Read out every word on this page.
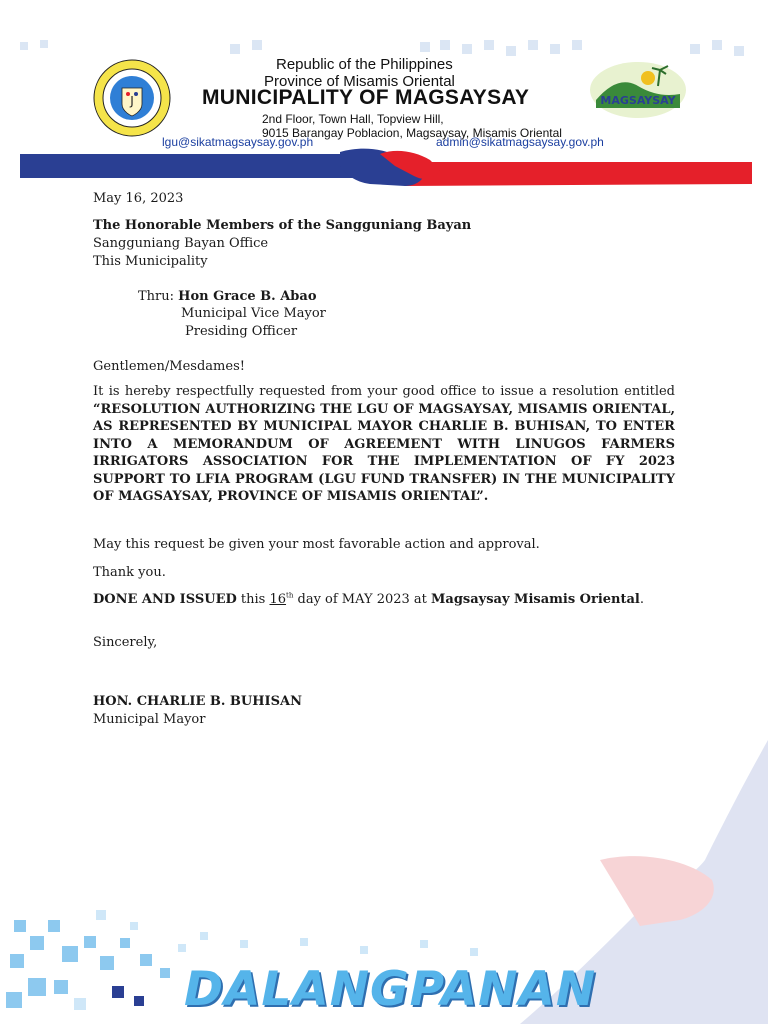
J
Republic of the Philippines
Province of Misamis Oriental
MUNICIPALITY OF MAGSAYSAY
2nd Floor, Town Hall, Topview Hill,
9015 Barangay Poblacion, Magsaysay, Misamis Oriental
lgu@sikatmagsaysay.gov.ph	admin@sikatmagsaysay.gov.ph
MAGSAYSAY
May 16, 2023
The Honorable Members of the Sangguniang Bayan
Sangguniang Bayan Office
This Municipality
Thru: Hon Grace B. Abao
Municipal Vice Mayor
Presiding Officer
Gentlemen/Mesdames!
It is hereby respectfully requested from your good office to issue a resolution entitled “RESOLUTION AUTHORIZING THE LGU OF MAGSAYSAY, MISAMIS ORIENTAL, AS REPRESENTED BY MUNICIPAL MAYOR CHARLIE B. BUHISAN, TO ENTER INTO A MEMORANDUM OF AGREEMENT WITH LINUGOS FARMERS IRRIGATORS ASSOCIATION FOR THE IMPLEMENTATION OF FY 2023 SUPPORT TO LFIA PROGRAM (LGU FUND TRANSFER) IN THE MUNICIPALITY OF MAGSAYSAY, PROVINCE OF MISAMIS ORIENTAL”.
May this request be given your most favorable action and approval.
Thank you.
DONE AND ISSUED this 16th day of MAY 2023 at Magsaysay Misamis Oriental.
Sincerely,
HON. CHARLIE B. BUHISAN
Municipal Mayor
DALANGPANAN
